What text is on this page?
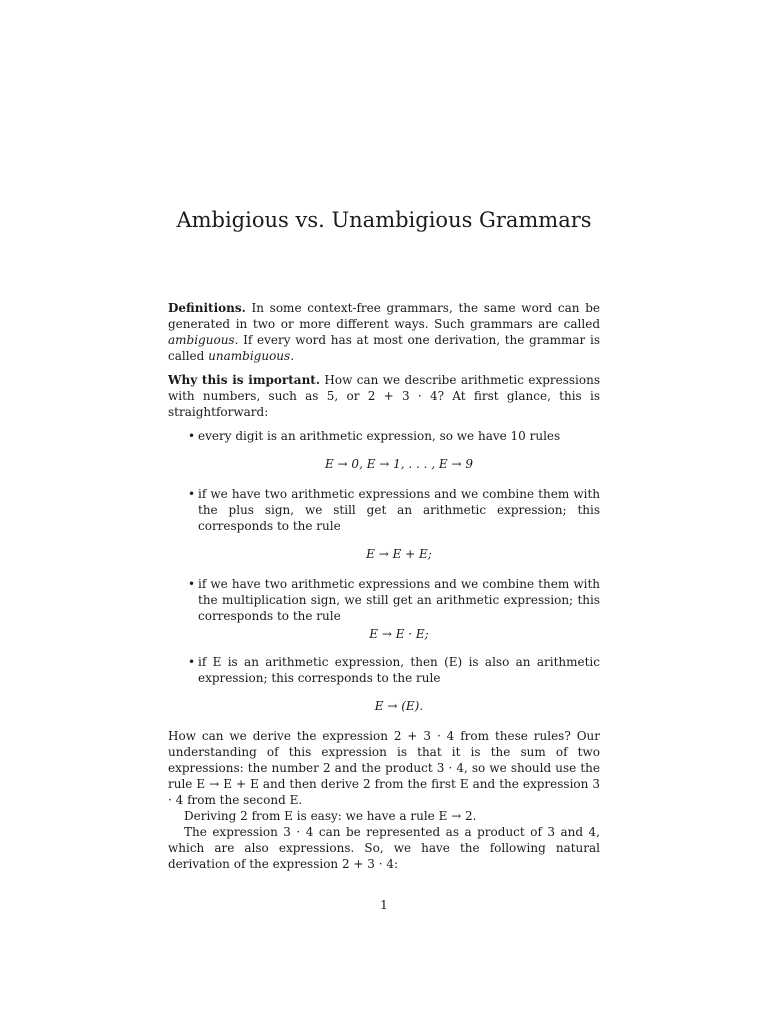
Ambigious vs. Unambigious Grammars

Definitions. In some context-free grammars, the same word can be generated in two or more different ways. Such grammars are called ambiguous. If every word has at most one derivation, the grammar is called unambiguous.

Why this is important. How can we describe arithmetic expressions with numbers, such as 5, or 2 + 3 · 4? At first glance, this is straightforward:

• every digit is an arithmetic expression, so we have 10 rules
E → 0, E → 1, . . . , E → 9
• if we have two arithmetic expressions and we combine them with the plus sign, we still get an arithmetic expression; this corresponds to the rule
E → E + E;
• if we have two arithmetic expressions and we combine them with the multiplication sign, we still get an arithmetic expression; this corresponds to the rule
E → E · E;
• if E is an arithmetic expression, then (E) is also an arithmetic expression; this corresponds to the rule
E → (E).

How can we derive the expression 2 + 3 · 4 from these rules? Our understanding of this expression is that it is the sum of two expressions: the number 2 and the product 3 · 4, so we should use the rule E → E + E and then derive 2 from the first E and the expression 3 · 4 from the second E.

Deriving 2 from E is easy: we have a rule E → 2.

The expression 3 · 4 can be represented as a product of 3 and 4, which are also expressions. So, we have the following natural derivation of the expression 2 + 3 · 4:

1
